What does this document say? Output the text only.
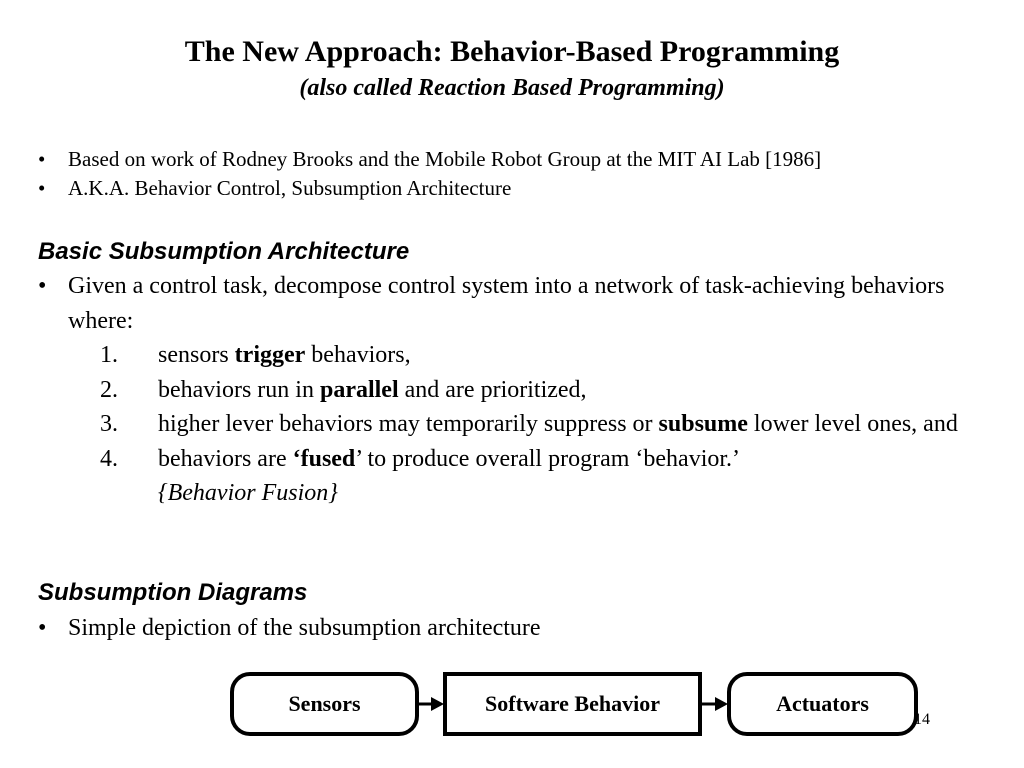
The New Approach: Behavior-Based Programming
(also called Reaction Based Programming)
• Based on work of Rodney Brooks and the Mobile Robot Group at the MIT AI Lab [1986]
• A.K.A. Behavior Control, Subsumption Architecture
Basic Subsumption Architecture
• Given a control task, decompose control system into a network of task-achieving behaviors where:
1. sensors trigger behaviors,
2. behaviors run in parallel and are prioritized,
3. higher lever behaviors may temporarily suppress or subsume lower level ones, and
4. behaviors are ‘fused’ to produce overall program ‘behavior.’
{Behavior Fusion}
Subsumption Diagrams
• Simple depiction of the subsumption architecture
Sensors	Software Behavior	Actuators
14
